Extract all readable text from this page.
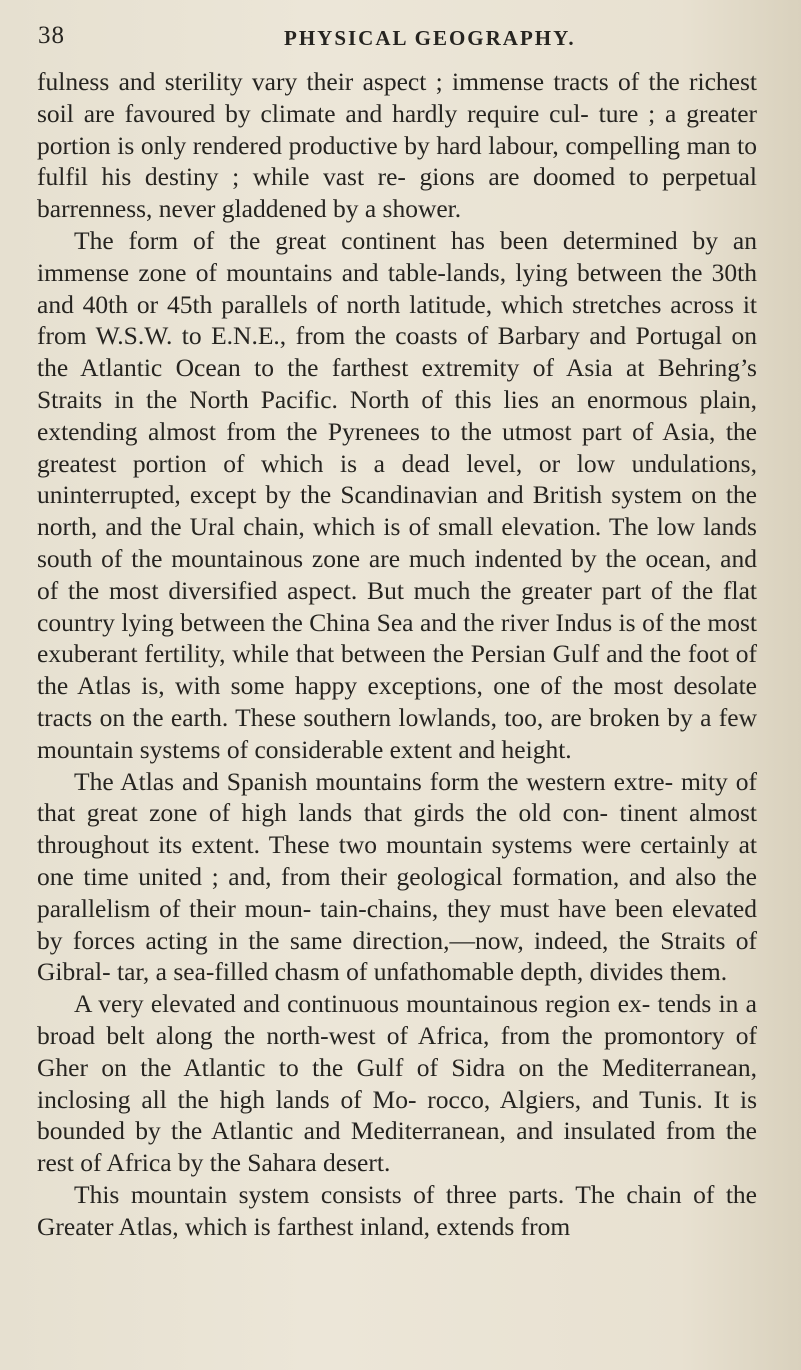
38	PHYSICAL GEOGRAPHY.

fulness and sterility vary their aspect ; immense tracts of the richest soil are favoured by climate and hardly require cul- ture ; a greater portion is only rendered productive by hard labour, compelling man to fulfil his destiny ; while vast re- gions are doomed to perpetual barrenness, never gladdened by a shower.

The form of the great continent has been determined by an immense zone of mountains and table-lands, lying between the 30th and 40th or 45th parallels of north latitude, which stretches across it from W.S.W. to E.N.E., from the coasts of Barbary and Portugal on the Atlantic Ocean to the farthest extremity of Asia at Behring’s Straits in the North Pacific. North of this lies an enormous plain, extending almost from the Pyrenees to the utmost part of Asia, the greatest portion of which is a dead level, or low undulations, uninterrupted, except by the Scandinavian and British system on the north, and the Ural chain, which is of small elevation. The low lands south of the mountainous zone are much indented by the ocean, and of the most diversified aspect. But much the greater part of the flat country lying between the China Sea and the river Indus is of the most exuberant fertility, while that between the Persian Gulf and the foot of the Atlas is, with some happy exceptions, one of the most desolate tracts on the earth. These southern lowlands, too, are broken by a few mountain systems of considerable extent and height.

The Atlas and Spanish mountains form the western extre- mity of that great zone of high lands that girds the old con- tinent almost throughout its extent. These two mountain systems were certainly at one time united ; and, from their geological formation, and also the parallelism of their moun- tain-chains, they must have been elevated by forces acting in the same direction,—now, indeed, the Straits of Gibral- tar, a sea-filled chasm of unfathomable depth, divides them.

A very elevated and continuous mountainous region ex- tends in a broad belt along the north-west of Africa, from the promontory of Gher on the Atlantic to the Gulf of Sidra on the Mediterranean, inclosing all the high lands of Mo- rocco, Algiers, and Tunis. It is bounded by the Atlantic and Mediterranean, and insulated from the rest of Africa by the Sahara desert.

This mountain system consists of three parts. The chain of the Greater Atlas, which is farthest inland, extends from
